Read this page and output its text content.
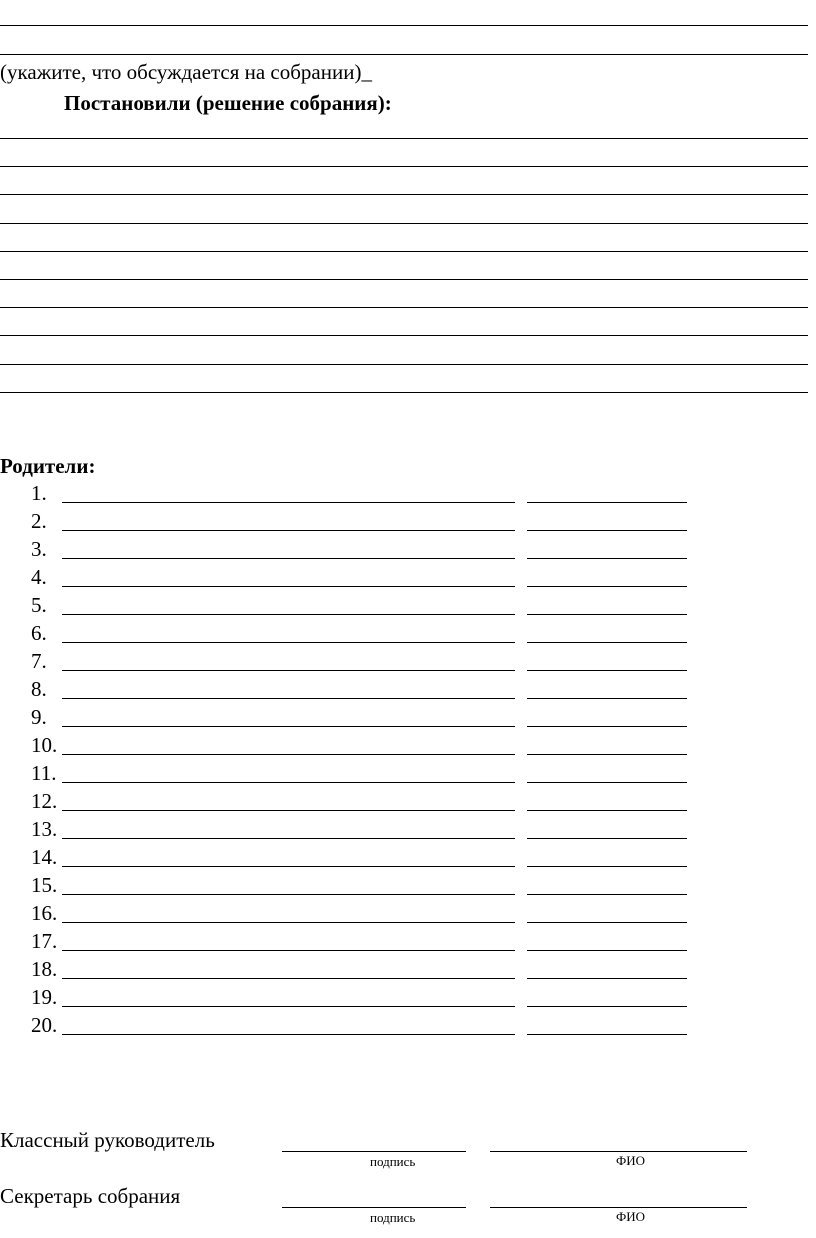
(укажите, что обсуждается на собрании)_
Постановили (решение собрания):
Родители:
1.
2.
3.
4.
5.
6.
7.
8.
9.
10.
11.
12.
13.
14.
15.
16.
17.
18.
19.
20.
Классный руководитель
подпись	ФИО
Секретарь собрания
подпись	ФИО
